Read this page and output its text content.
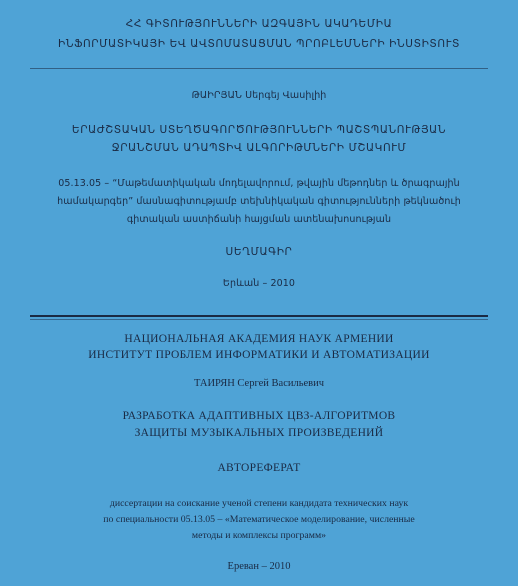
ՀՀ ԳԻՏՈՒԹՅՈՒՆՆԵՐԻ ԱԶԳԱՅԻՆ ԱԿԱԴԵՄԻԱ
ԻՆՖՈՐՄԱՏԻԿԱՅԻ ԵՎ ԱՎՏՈՄԱՏԱՑՄԱՆ ՊՐՈԲԼԵՄՆԵՐԻ ԻՆՍՏԻՏՈՒՏ
ԹԱԻՐՅԱՆ Սերգեյ Վասիլիի
ԵՐԱԺՇՏԱԿԱՆ ՍՏԵՂԾԱԳՈՐԾՈՒԹՅՈՒՆՆԵՐԻ ՊԱՇՏՊԱՆՈՒԹՅԱՆ
ՋՐԱՆՇՄԱՆ ԱԴԱՊՏԻՎ ԱԼԳՈՐԻԹՄՆԵՐԻ ՄՇԱԿՈՒՄ
05.13.05 – “Մաթեմատիկական մոդելավորում, թվային մեթոդներ և ծրագրային
համակարգեր” մասնագիտությամբ տեխնիկական գիտությունների թեկնածուի
գիտական աստիճանի հայցման ատենախոսության
ՍԵՂՄԱԳԻՐ
Երևան – 2010
НАЦИОНАЛЬНАЯ АКАДЕМИЯ НАУК АРМЕНИИ
ИНСТИТУТ ПРОБЛЕМ ИНФОРМАТИКИ И АВТОМАТИЗАЦИИ
ТАИРЯН Сергей Васильевич
РАЗРАБОТКА АДАПТИВНЫХ ЦВЗ-АЛГОРИТМОВ
ЗАЩИТЫ МУЗЫКАЛЬНЫХ ПРОИЗВЕДЕНИЙ
АВТОРЕФЕРАТ
диссертации на соискание ученой степени кандидата технических наук
по специальности 05.13.05 – «Математическое моделирование, численные
методы и комплексы программ»
Ереван – 2010
